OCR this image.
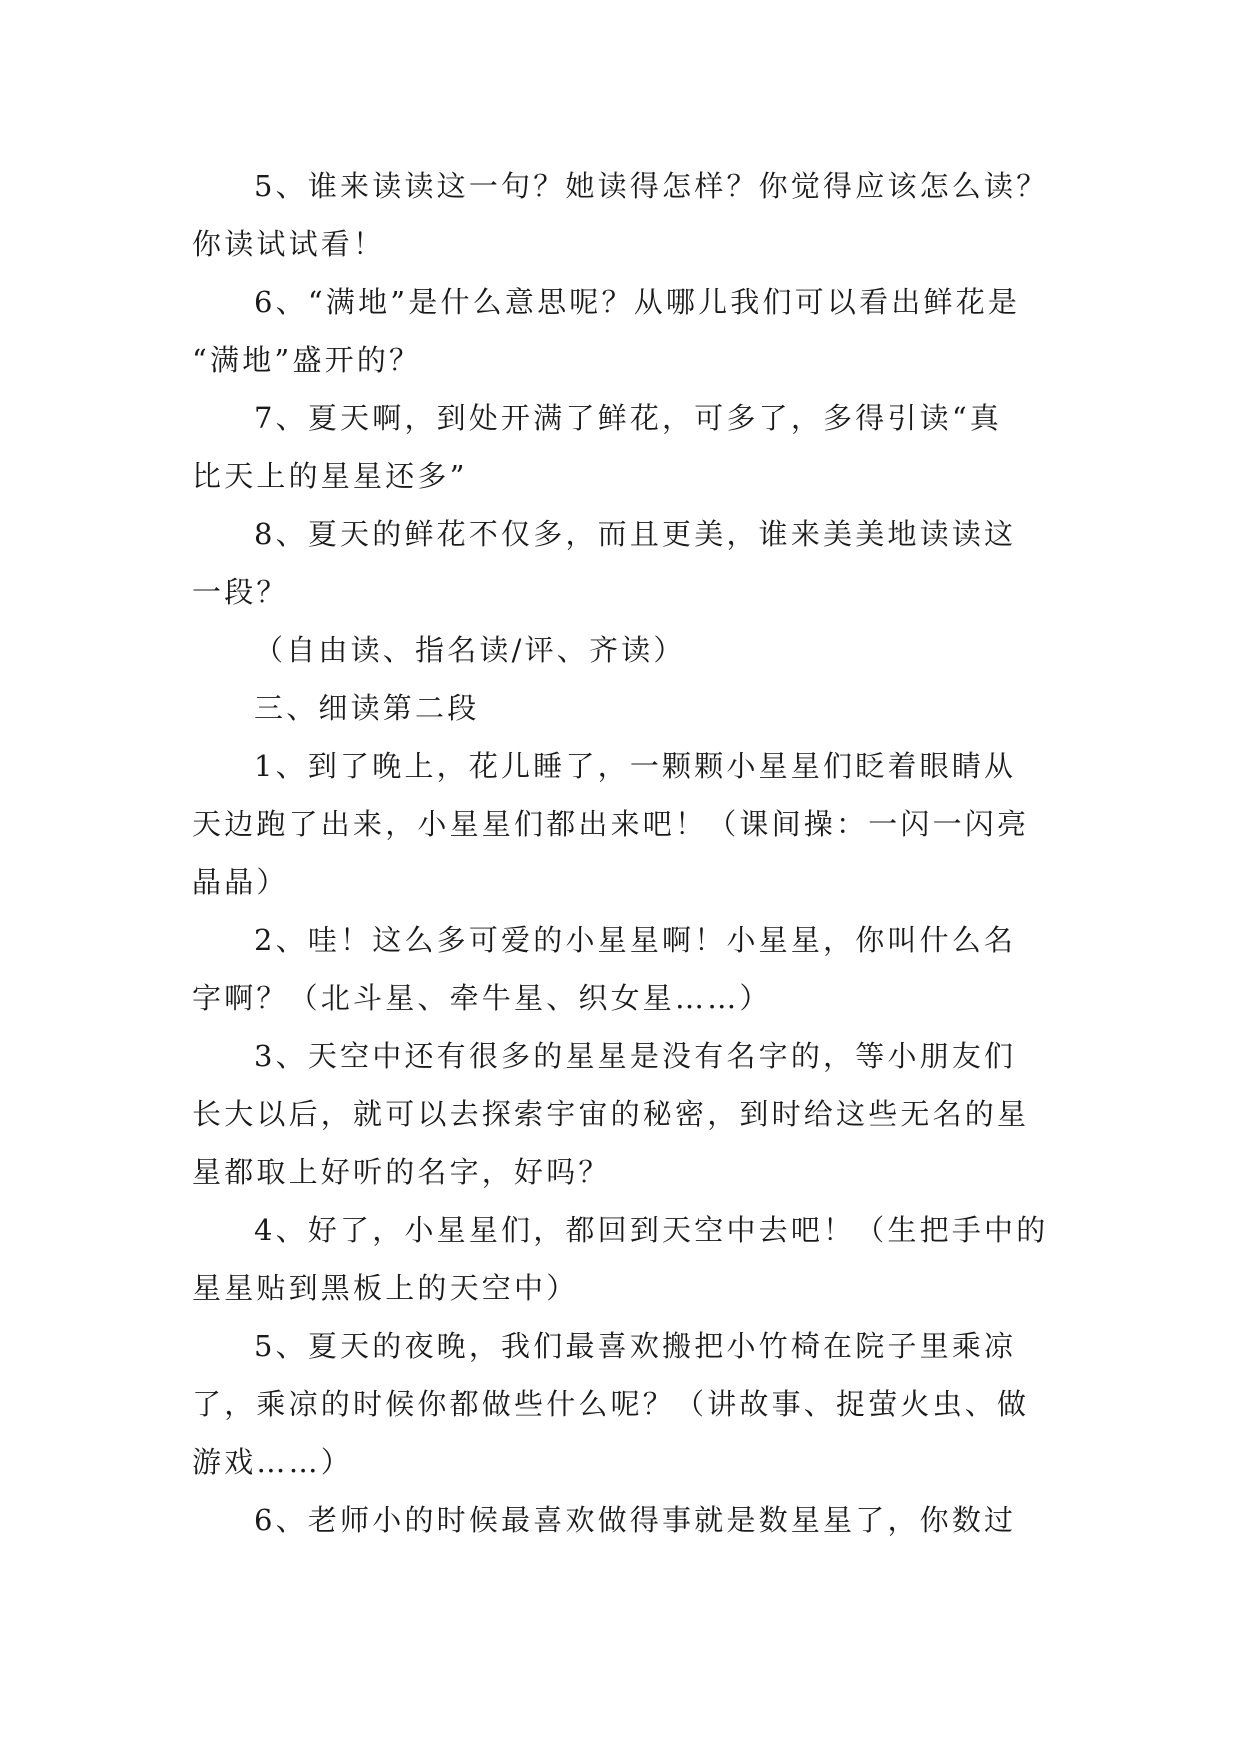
5、谁来读读这一句？她读得怎样？你觉得应该怎么读？
你读试试看！
6、“满地”是什么意思呢？从哪儿我们可以看出鲜花是
“满地”盛开的？
7、夏天啊，到处开满了鲜花，可多了，多得引读“真
比天上的星星还多”
8、夏天的鲜花不仅多，而且更美，谁来美美地读读这
一段？
（自由读、指名读/评、齐读）
三、细读第二段
1、到了晚上，花儿睡了，一颗颗小星星们眨着眼睛从
天边跑了出来，小星星们都出来吧！（课间操：一闪一闪亮
晶晶）
2、哇！这么多可爱的小星星啊！小星星，你叫什么名
字啊？（北斗星、牵牛星、织女星……）
3、天空中还有很多的星星是没有名字的，等小朋友们
长大以后，就可以去探索宇宙的秘密，到时给这些无名的星
星都取上好听的名字，好吗？
4、好了，小星星们，都回到天空中去吧！（生把手中的
星星贴到黑板上的天空中）
5、夏天的夜晚，我们最喜欢搬把小竹椅在院子里乘凉
了，乘凉的时候你都做些什么呢？（讲故事、捉萤火虫、做
游戏……）
6、老师小的时候最喜欢做得事就是数星星了，你数过
